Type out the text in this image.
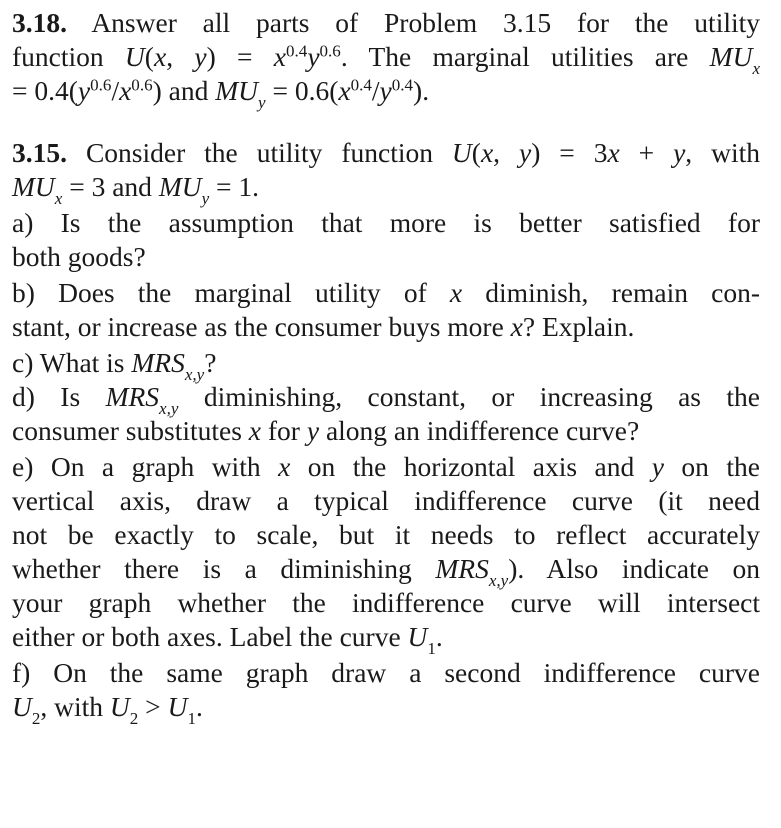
3.18. Answer all parts of Problem 3.15 for the utility
function U(x, $y) = x^{0.4}y^{0.6}$. The marginal utilities are $MU_x$
= $0.4(y^{0.6}/x^{0.6})$ and $MU_y = 0.6(x^{0.4}/y^{0.4})$.
3.15. Consider the utility function U(x, y) = 3x + y, with
$MU_x = 3$ and $MU_y = 1$.
a) Is the assumption that more is better satisfied for
both goods?
b) Does the marginal utility of x diminish, remain con-
stant, or increase as the consumer buys more x? Explain.
c) What is $MRS_{x,y}$?
d) Is $MRS_{x,y}$ diminishing, constant, or increasing as the
consumer substitutes x for y along an indifference curve?
e) On a graph with x on the horizontal axis and y on the
vertical axis, draw a typical indifference curve (it need
not be exactly to scale, but it needs to reflect accurately
whether there is a diminishing $MRS_{x,y}$). Also indicate on
your graph whether the indifference curve will intersect
either or both axes. Label the curve $U_1$.
f) On the same graph draw a second indifference curve
$U_2$, with $U_2 > U_1$.
